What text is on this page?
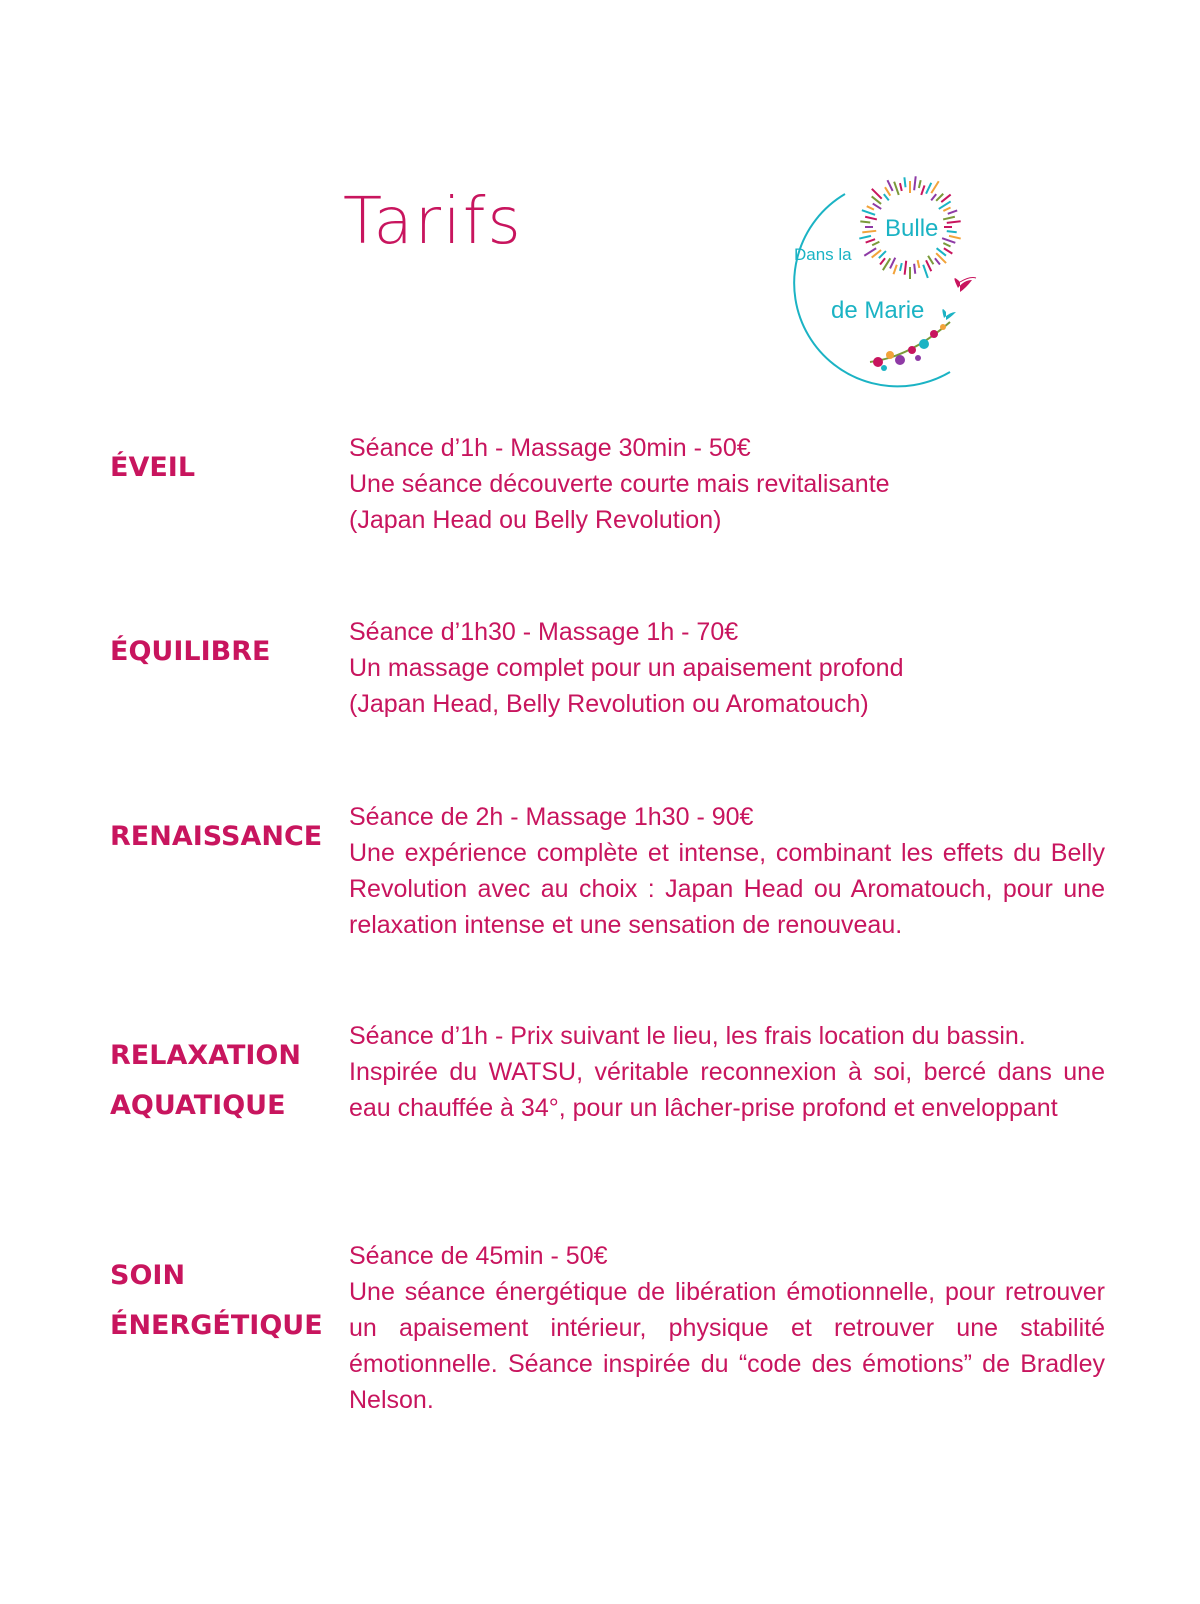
Tarifs	Dans la
Bulle
de Marie

ÉVEIL

Séance d’1h - Massage 30min - 50€

Une séance découverte courte mais revitalisante

(Japan Head ou Belly Revolution)

ÉQUILIBRE

Séance d’1h30 - Massage 1h - 70€

Un massage complet pour un apaisement profond

(Japan Head, Belly Revolution ou Aromatouch)

RENAISSANCE

Séance de 2h - Massage 1h30 - 90€

Une expérience complète et intense, combinant les effets du Belly Revolution avec au choix : Japan Head ou Aromatouch, pour une relaxation intense et une sensation de renouveau.

RELAXATION

AQUATIQUE

Séance d’1h - Prix suivant le lieu, les frais location du bassin.

Inspirée du WATSU, véritable reconnexion à soi, bercé dans une eau chauffée à 34°, pour un lâcher-prise profond et enveloppant

SOIN

ÉNERGÉTIQUE

Séance de 45min - 50€

Une séance énergétique de libération émotionnelle, pour retrouver un apaisement intérieur, physique et retrouver une stabilité émotionnelle. Séance inspirée du “code des émotions” de Bradley Nelson.
